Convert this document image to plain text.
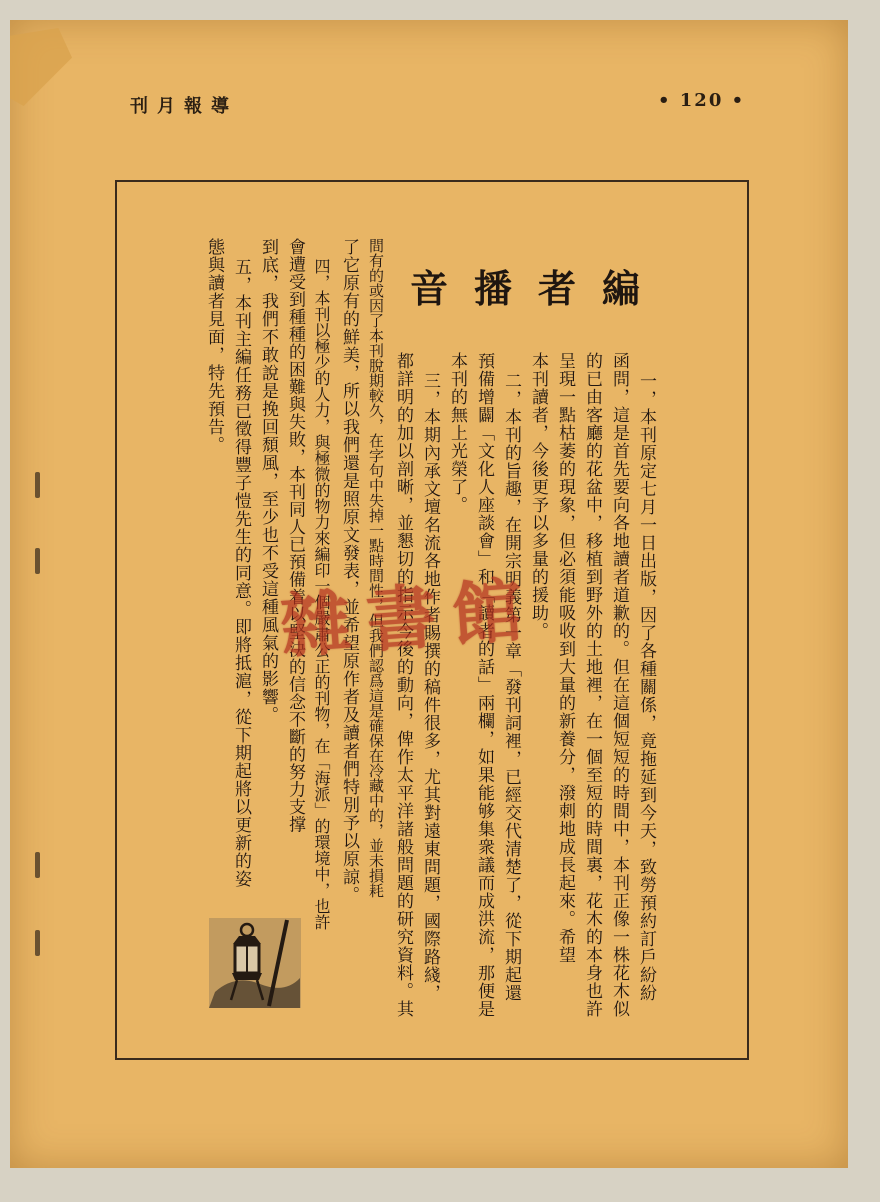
刊月報導	• 120 •
音播者編
一，本刊原定七月一日出版，因了各種關係，竟拖延到今天，致勞預約訂戶紛紛
函問，這是首先要向各地讀者道歉的。但在這個短短的時間中，本刊正像一株花木似
的已由客廳的花盆中，移植到野外的土地裡，在一個至短的時間裏，花木的本身也許
呈現一點枯萎的現象，但必須能吸收到大量的新養分，潑刺地成長起來。希望
本刊讀者，今後更予以多量的援助。
二，本刊的旨趣，在開宗明義第一章「發刊詞裡，已經交代清楚了，從下期起還
預備增闢「文化人座談會」和「讀者的話」兩欄，如果能够集衆議而成洪流，那便是
本刊的無上光榮了。
三，本期內承文壇名流各地作者賜撰的稿件很多，尤其對遠東問題，國際路綫，
都詳明的加以剖晰，並懇切的指示今後的動向，俾作太平洋諸般問題的研究資料。其
間有的或因了本刊脫期較久，在字句中失掉一點時間性，但我們認爲這是確保在冷藏中的，並未損耗
了它原有的鮮美，所以我們還是照原文發表，並希望原作者及讀者們特別予以原諒。
四，本刊以極少的人力，與極微的物力來編印一個嚴肅公正的刊物，在「海派」的環境中，也許
會遭受到種種的困難與失敗，本刊同人已預備着以堅決的信念不斷的努力支撑
到底，我們不敢說是挽回頹風，至少也不受這種風氣的影響。
五，本刊主編任務已徵得豐子愷先生的同意。即將抵滬，從下期起將以更新的姿
態與讀者見面，特先預告。
雜書館
